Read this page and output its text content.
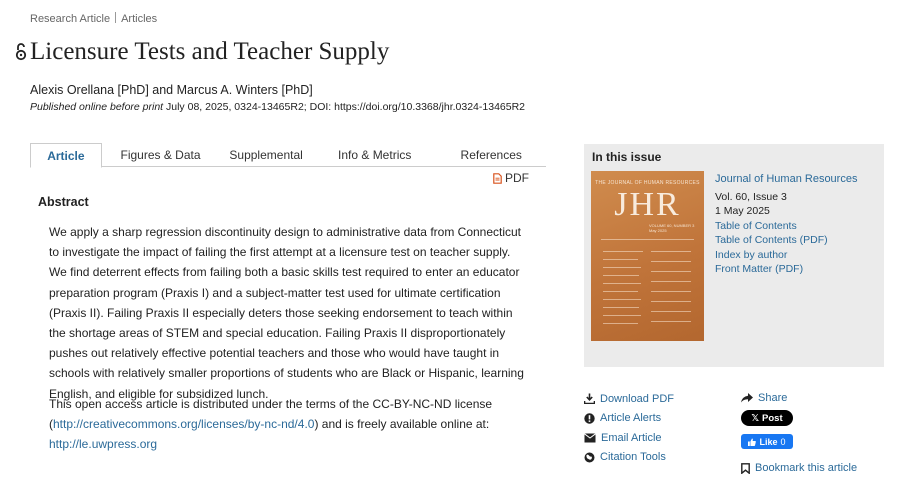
Research Article Articles
Licensure Tests and Teacher Supply
Alexis Orellana [PhD] and Marcus A. Winters [PhD]
Published online before print July 08, 2025, 0324-13465R2; DOI: https://doi.org/10.3368/jhr.0324-13465R2
Article	Figures & Data	Supplemental	Info & Metrics	References
PDF
Abstract

We apply a sharp regression discontinuity design to administrative data from Connecticut to investigate the impact of failing the first attempt at a licensure test on teacher supply. We find deterrent effects from failing both a basic skills test required to enter an educator preparation program (Praxis I) and a subject-matter test used for ultimate certification (Praxis II). Failing Praxis II especially deters those seeking endorsement to teach within the shortage areas of STEM and special education. Failing Praxis II disproportionately pushes out relatively effective potential teachers and those who would have taught in schools with relatively smaller proportions of students who are Black or Hispanic, learning English, and eligible for subsidized lunch.

This open access article is distributed under the terms of the CC-BY-NC-ND license (http://creativecommons.org/licenses/by-nc-nd/4.0) and is freely available online at: http://le.uwpress.org

In this issue
THE JOURNAL OF HUMAN RESOURCES
JHR
VOLUME 60, NUMBER 3
May 2025
Journal of Human Resources
Vol. 60, Issue 3
1 May 2025
Table of Contents
Table of Contents (PDF)
Index by author
Front Matter (PDF)
Download PDF
Article Alerts
Email Article
Citation Tools
Share
𝕏 Post
Like 0
Bookmark this article
